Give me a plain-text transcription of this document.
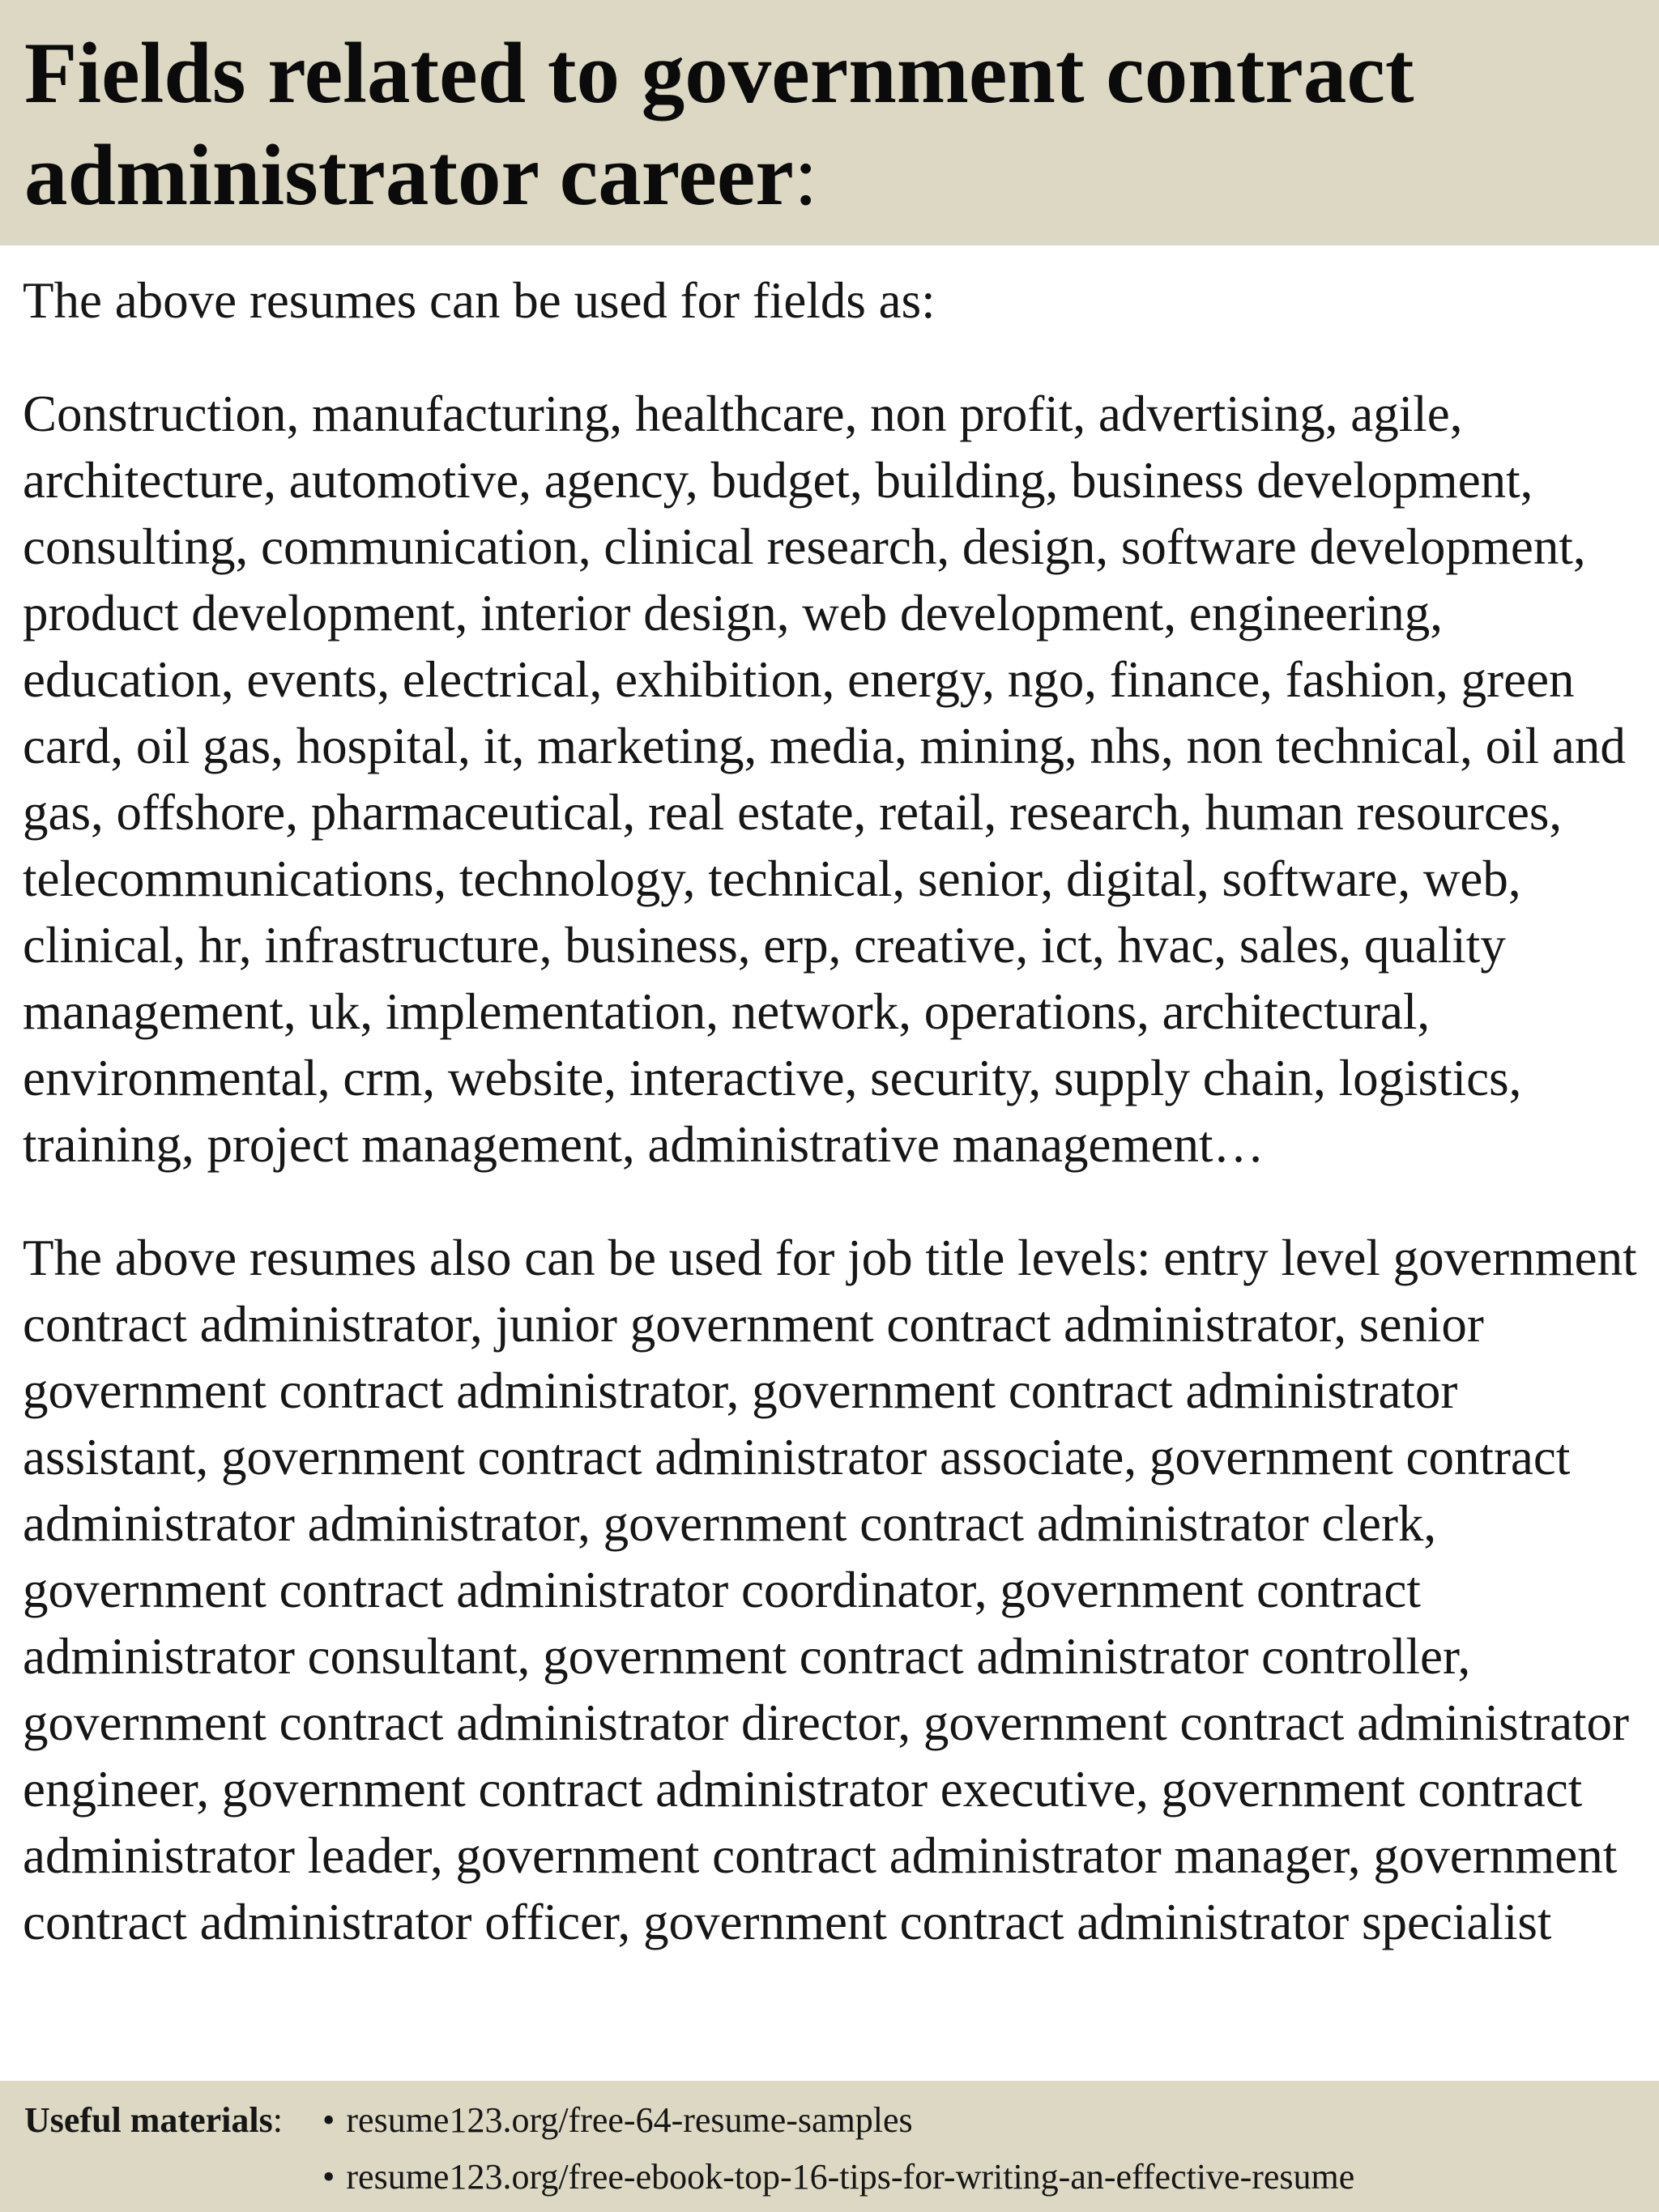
Fields related to government contract
administrator career:

The above resumes can be used for fields as:

Construction, manufacturing, healthcare, non profit, advertising, agile, architecture, automotive, agency, budget, building, business development, consulting, communication, clinical research, design, software development, product development, interior design, web development, engineering, education, events, electrical, exhibition, energy, ngo, finance, fashion, green card, oil gas, hospital, it, marketing, media, mining, nhs, non technical, oil and gas, offshore, pharmaceutical, real estate, retail, research, human resources, telecommunications, technology, technical, senior, digital, software, web, clinical, hr, infrastructure, business, erp, creative, ict, hvac, sales, quality management, uk, implementation, network, operations, architectural, environmental, crm, website, interactive, security, supply chain, logistics, training, project management, administrative management…

The above resumes also can be used for job title levels: entry level government contract administrator, junior government contract administrator, senior government contract administrator, government contract administrator assistant, government contract administrator associate, government contract administrator administrator, government contract administrator clerk, government contract administrator coordinator, government contract administrator consultant, government contract administrator controller, government contract administrator director, government contract administrator engineer, government contract administrator executive, government contract administrator leader, government contract administrator manager, government contract administrator officer, government contract administrator specialist

Useful materials: • resume123.org/free-64-resume-samples
• resume123.org/free-ebook-top-16-tips-for-writing-an-effective-resume
